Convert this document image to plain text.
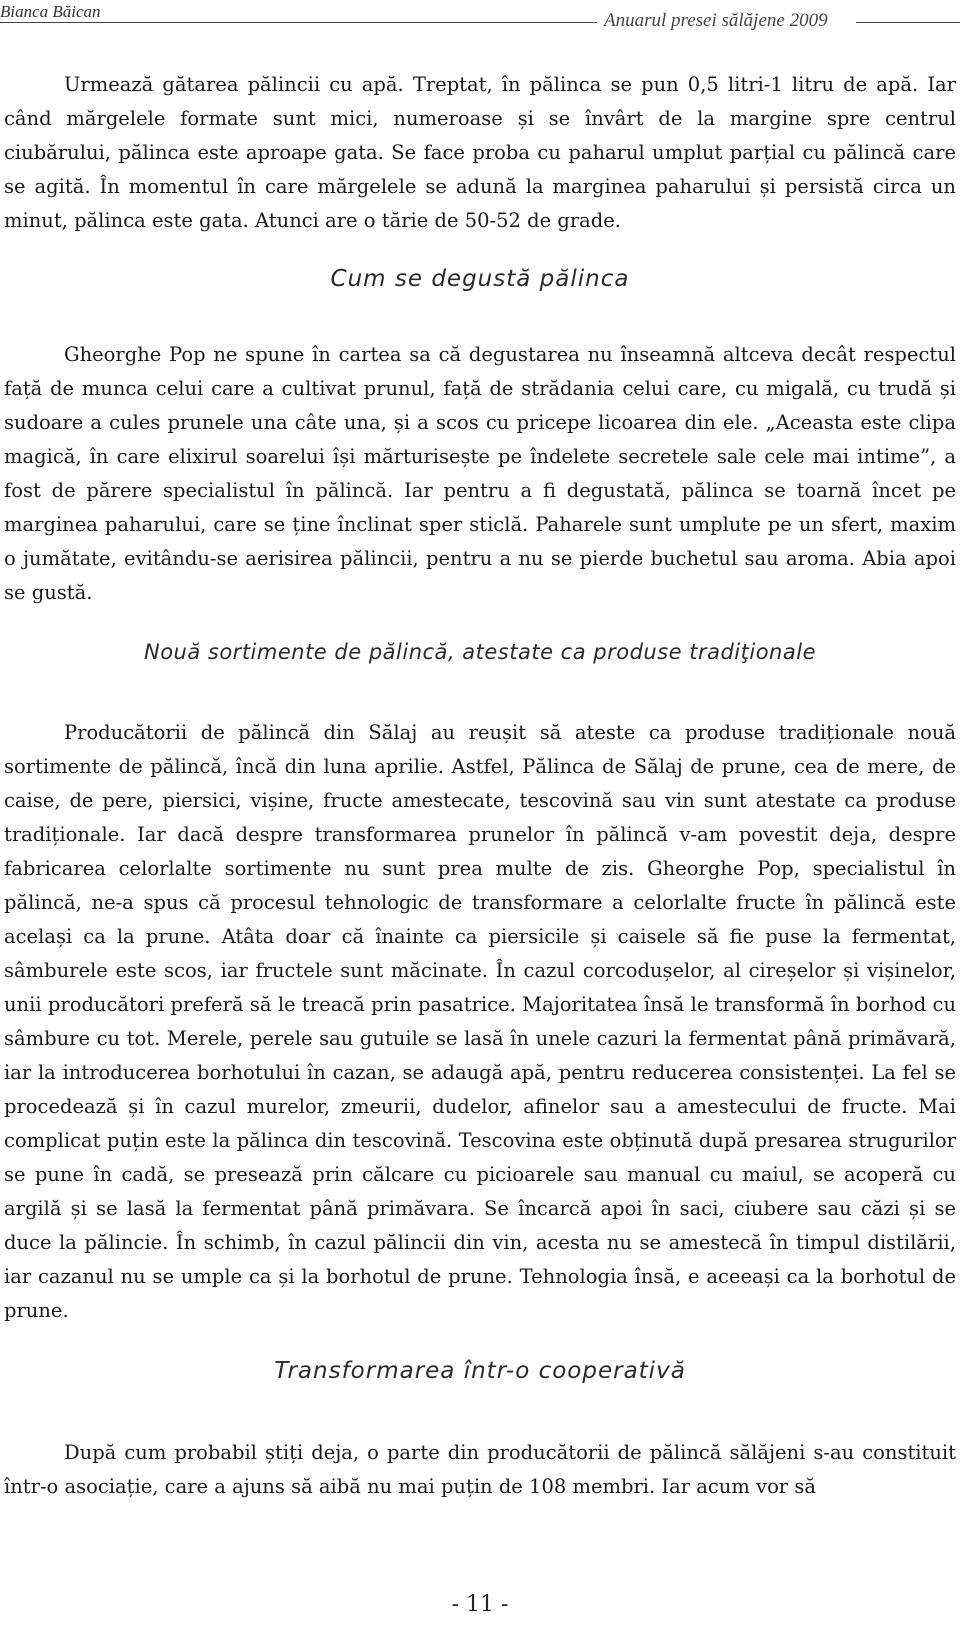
Bianca Băican	Anuarul presei sălăjene 2009

Urmează gătarea pălincii cu apă. Treptat, în pălinca se pun 0,5 litri-1 litru de apă. Iar când mărgelele formate sunt mici, numeroase și se învârt de la margine spre centrul ciubărului, pălinca este aproape gata. Se face proba cu paharul umplut parțial cu pălincă care se agită. În momentul în care mărgelele se adună la marginea paharului și persistă circa un minut, pălinca este gata. Atunci are o tărie de 50-52 de grade.

Cum se degustă pălinca

Gheorghe Pop ne spune în cartea sa că degustarea nu înseamnă altceva decât respectul față de munca celui care a cultivat prunul, față de strădania celui care, cu migală, cu trudă și sudoare a cules prunele una câte una, și a scos cu pricepe licoarea din ele. „Aceasta este clipa magică, în care elixirul soarelui își mărturisește pe îndelete secretele sale cele mai intime”, a fost de părere specialistul în pălincă. Iar pentru a fi degustată, pălinca se toarnă încet pe marginea paharului, care se ține înclinat sper sticlă. Paharele sunt umplute pe un sfert, maxim o jumătate, evitându-se aerisirea pălincii, pentru a nu se pierde buchetul sau aroma. Abia apoi se gustă.

Nouă sortimente de pălincă, atestate ca produse tradiţionale

Producătorii de pălincă din Sălaj au reușit să ateste ca produse tradiționale nouă sortimente de pălincă, încă din luna aprilie. Astfel, Pălinca de Sălaj de prune, cea de mere, de caise, de pere, piersici, vișine, fructe amestecate, tescovină sau vin sunt atestate ca produse tradiționale. Iar dacă despre transformarea prunelor în pălincă v-am povestit deja, despre fabricarea celorlalte sortimente nu sunt prea multe de zis. Gheorghe Pop, specialistul în pălincă, ne-a spus că procesul tehnologic de transformare a celorlalte fructe în pălincă este același ca la prune. Atâta doar că înainte ca piersicile și caisele să fie puse la fermentat, sâmburele este scos, iar fructele sunt măcinate. În cazul corcodușelor, al cireșelor și vișinelor, unii producători preferă să le treacă prin pasatrice. Majoritatea însă le transformă în borhod cu sâmbure cu tot. Merele, perele sau gutuile se lasă în unele cazuri la fermentat până primăvară, iar la introducerea borhotului în cazan, se adaugă apă, pentru reducerea consistenței. La fel se procedează și în cazul murelor, zmeurii, dudelor, afinelor sau a amestecului de fructe. Mai complicat puțin este la pălinca din tescovină. Tescovina este obținută după presarea strugurilor se pune în cadă, se presează prin călcare cu picioarele sau manual cu maiul, se acoperă cu argilă și se lasă la fermentat până primăvara. Se încarcă apoi în saci, ciubere sau căzi și se duce la pălincie. În schimb, în cazul pălincii din vin, acesta nu se amestecă în timpul distilării, iar cazanul nu se umple ca și la borhotul de prune. Tehnologia însă, e aceeași ca la borhotul de prune.

Transformarea într-o cooperativă

După cum probabil știți deja, o parte din producătorii de pălincă sălăjeni s-au constituit într-o asociație, care a ajuns să aibă nu mai puțin de 108 membri. Iar acum vor să

- 11 -
